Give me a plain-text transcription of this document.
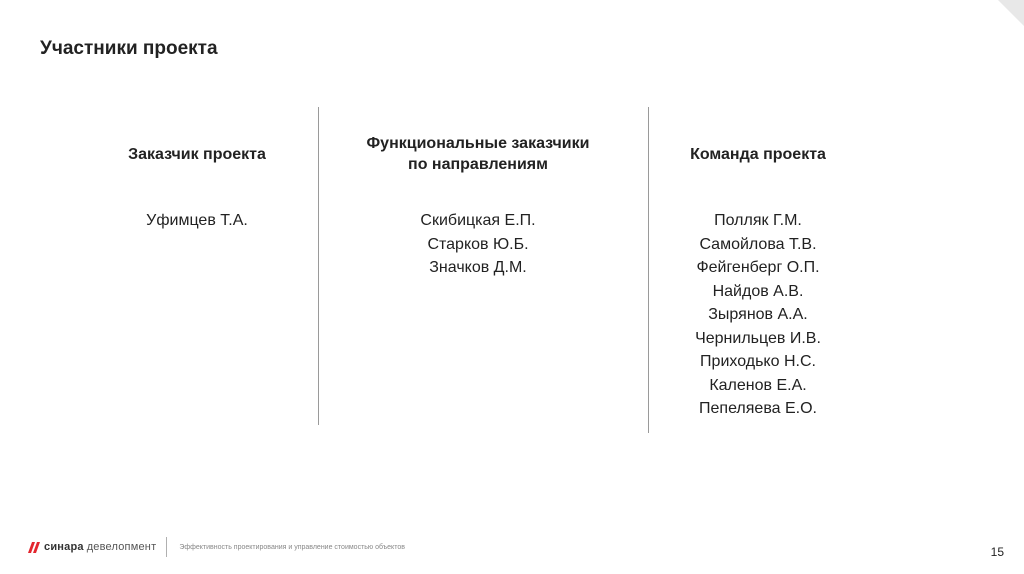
Участники проекта
Заказчик проекта
Уфимцев Т.А.
Функциональные заказчики
по направлениям
Скибицкая Е.П.
Старков Ю.Б.
Значков Д.М.
Команда проекта
Полляк Г.М.
Самойлова Т.В.
Фейгенберг О.П.
Найдов А.В.
Зырянов А.А.
Чернильцев И.В.
Приходько Н.С.
Каленов Е.А.
Пепеляева Е.О.
синара девелопмент	Эффективность проектирования и управление стоимостью объектов	15
